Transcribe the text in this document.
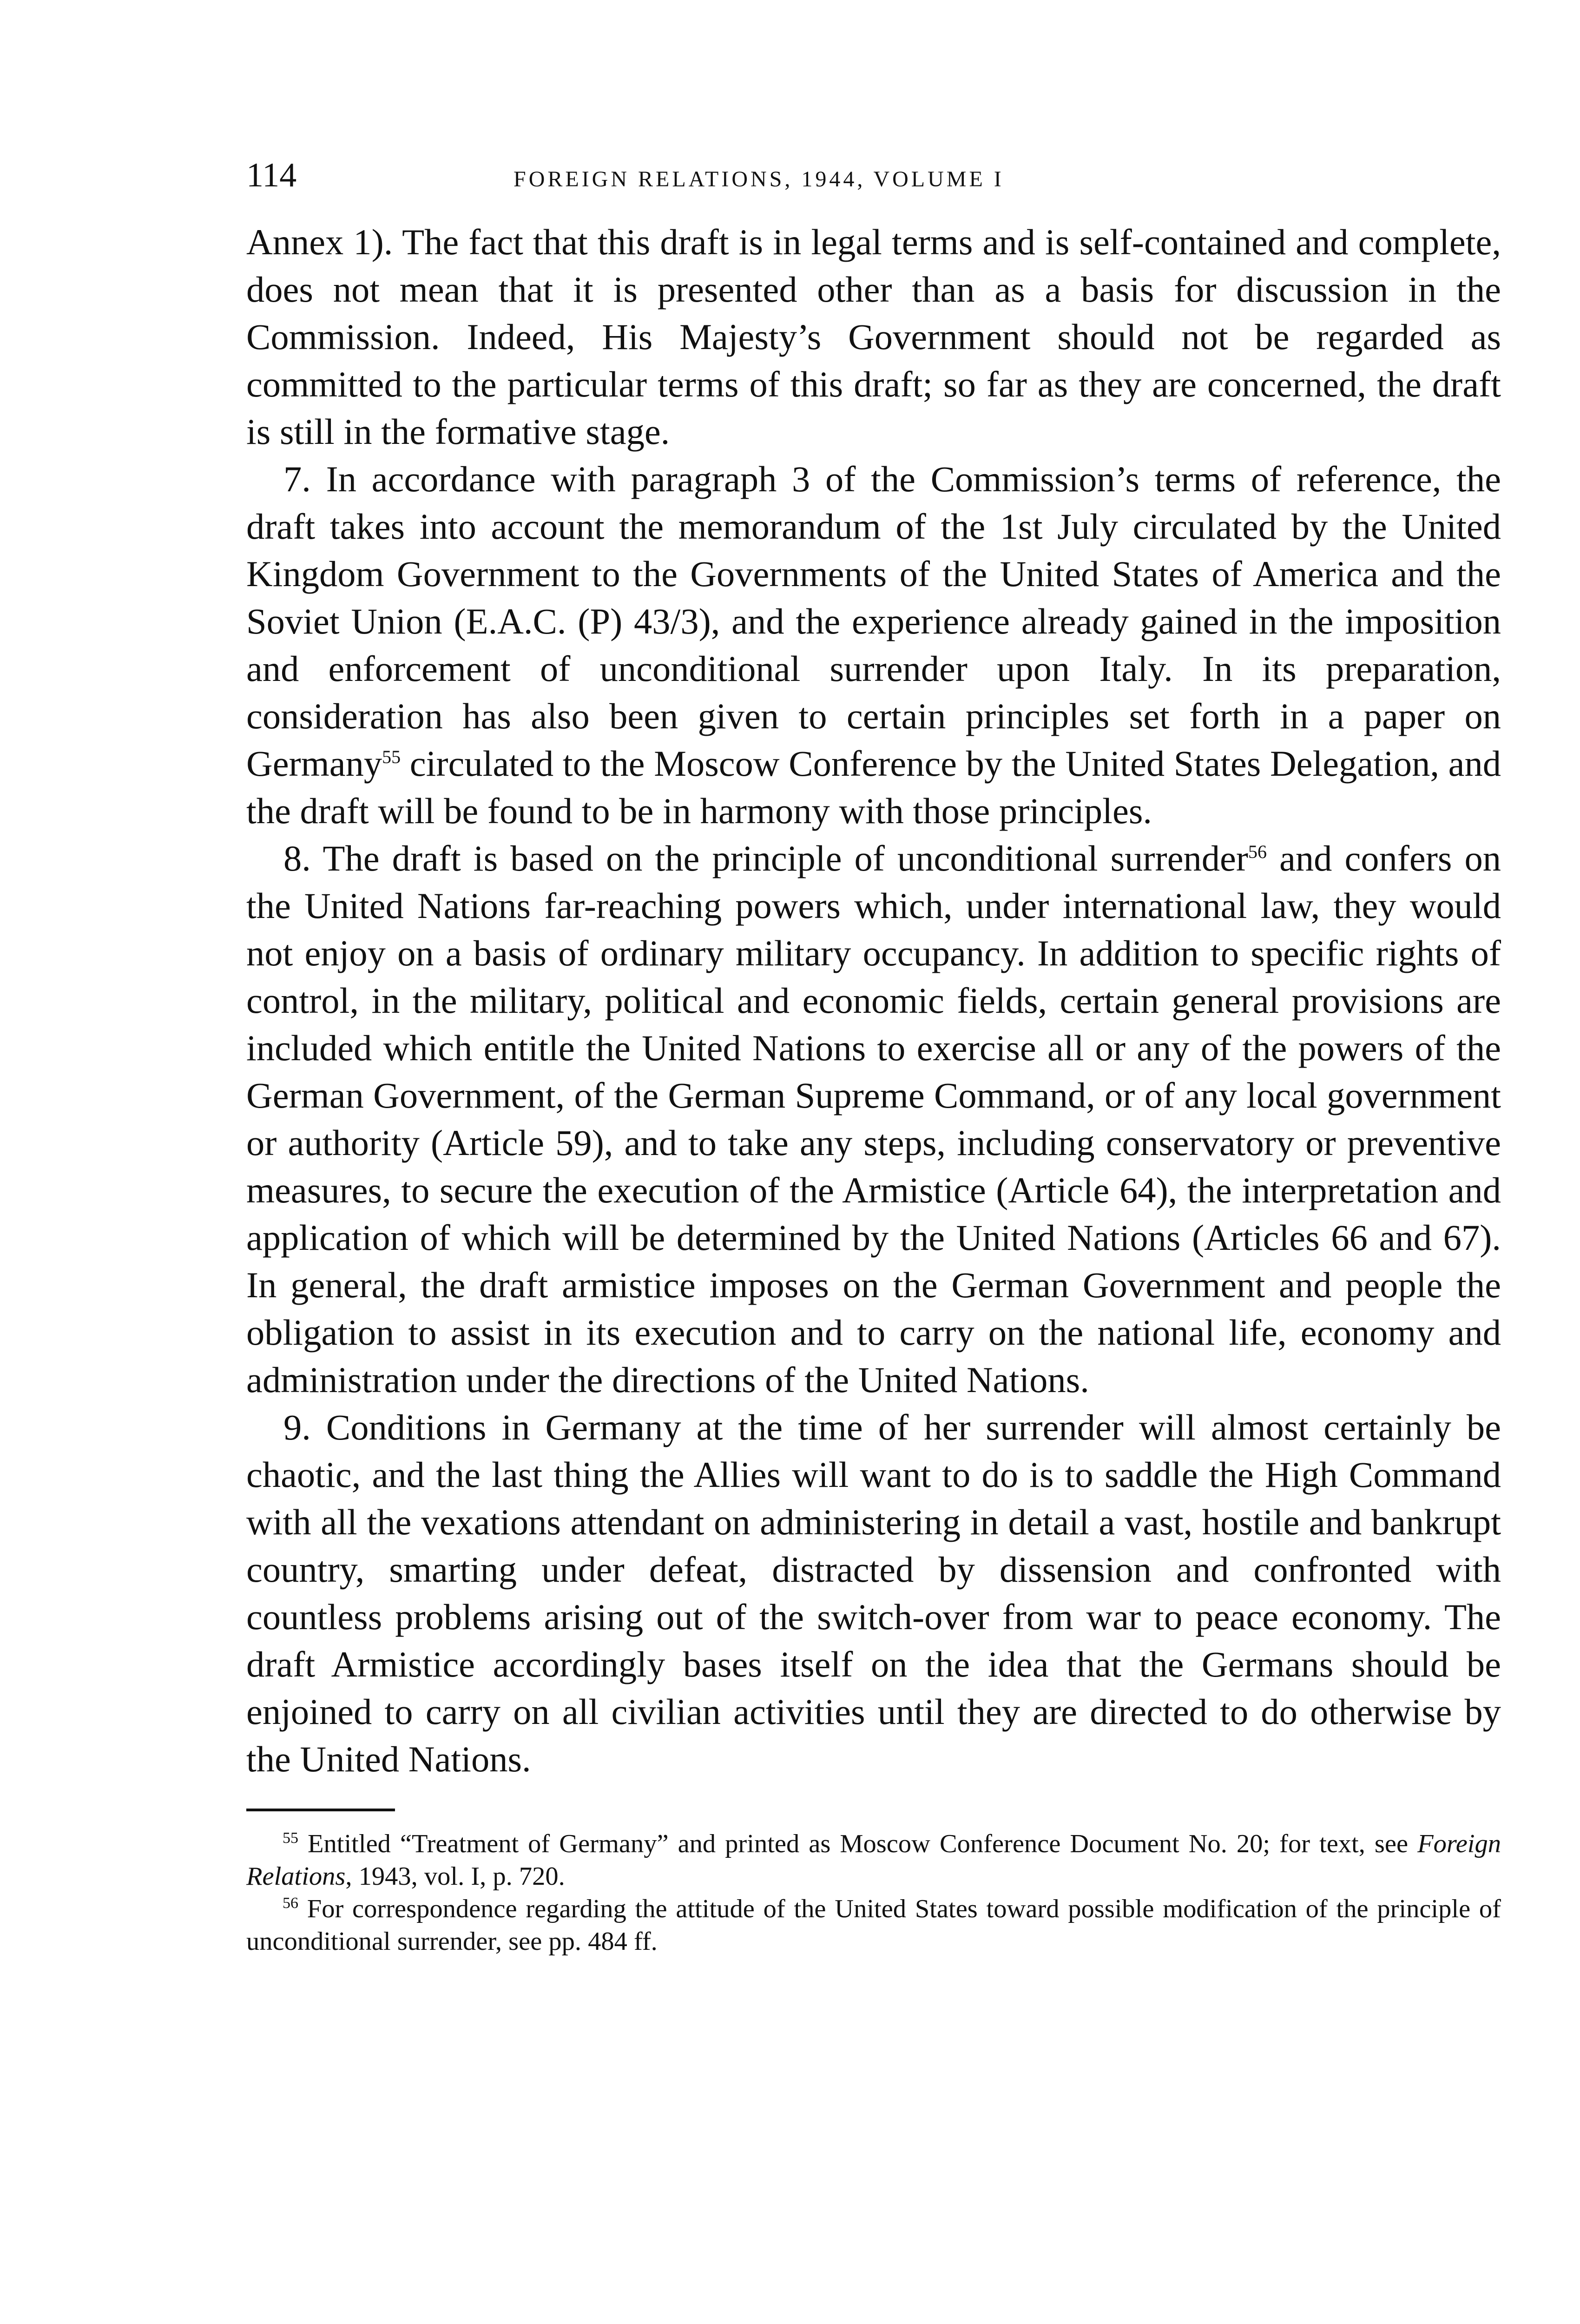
114	FOREIGN RELATIONS, 1944, VOLUME I

Annex 1). The fact that this draft is in legal terms and is self-contained and complete, does not mean that it is presented other than as a basis for discussion in the Commission. Indeed, His Majesty’s Government should not be regarded as committed to the particular terms of this draft; so far as they are concerned, the draft is still in the formative stage.

7. In accordance with paragraph 3 of the Commission’s terms of reference, the draft takes into account the memorandum of the 1st July circulated by the United Kingdom Government to the Governments of the United States of America and the Soviet Union (E.A.C. (P) 43/3), and the experience already gained in the imposition and enforcement of unconditional surrender upon Italy. In its preparation, consideration has also been given to certain principles set forth in a paper on Germany$^{55}$ circulated to the Moscow Conference by the United States Delegation, and the draft will be found to be in harmony with those principles.

8. The draft is based on the principle of unconditional surrender$^{56}$ and confers on the United Nations far-reaching powers which, under international law, they would not enjoy on a basis of ordinary military occupancy. In addition to specific rights of control, in the military, political and economic fields, certain general provisions are included which entitle the United Nations to exercise all or any of the powers of the German Government, of the German Supreme Command, or of any local government or authority (Article 59), and to take any steps, including conservatory or preventive measures, to secure the execution of the Armistice (Article 64), the interpretation and application of which will be determined by the United Nations (Articles 66 and 67). In general, the draft armistice imposes on the German Government and people the obligation to assist in its execution and to carry on the national life, economy and administration under the directions of the United Nations.

9. Conditions in Germany at the time of her surrender will almost certainly be chaotic, and the last thing the Allies will want to do is to saddle the High Command with all the vexations attendant on administering in detail a vast, hostile and bankrupt country, smarting under defeat, distracted by dissension and confronted with countless problems arising out of the switch-over from war to peace economy. The draft Armistice accordingly bases itself on the idea that the Germans should be enjoined to carry on all civilian activities until they are directed to do otherwise by the United Nations.

$^{55}$ Entitled “Treatment of Germany” and printed as Moscow Conference Document No. 20; for text, see Foreign Relations, 1943, vol. I, p. 720.

$^{56}$ For correspondence regarding the attitude of the United States toward possible modification of the principle of unconditional surrender, see pp. 484 ff.
